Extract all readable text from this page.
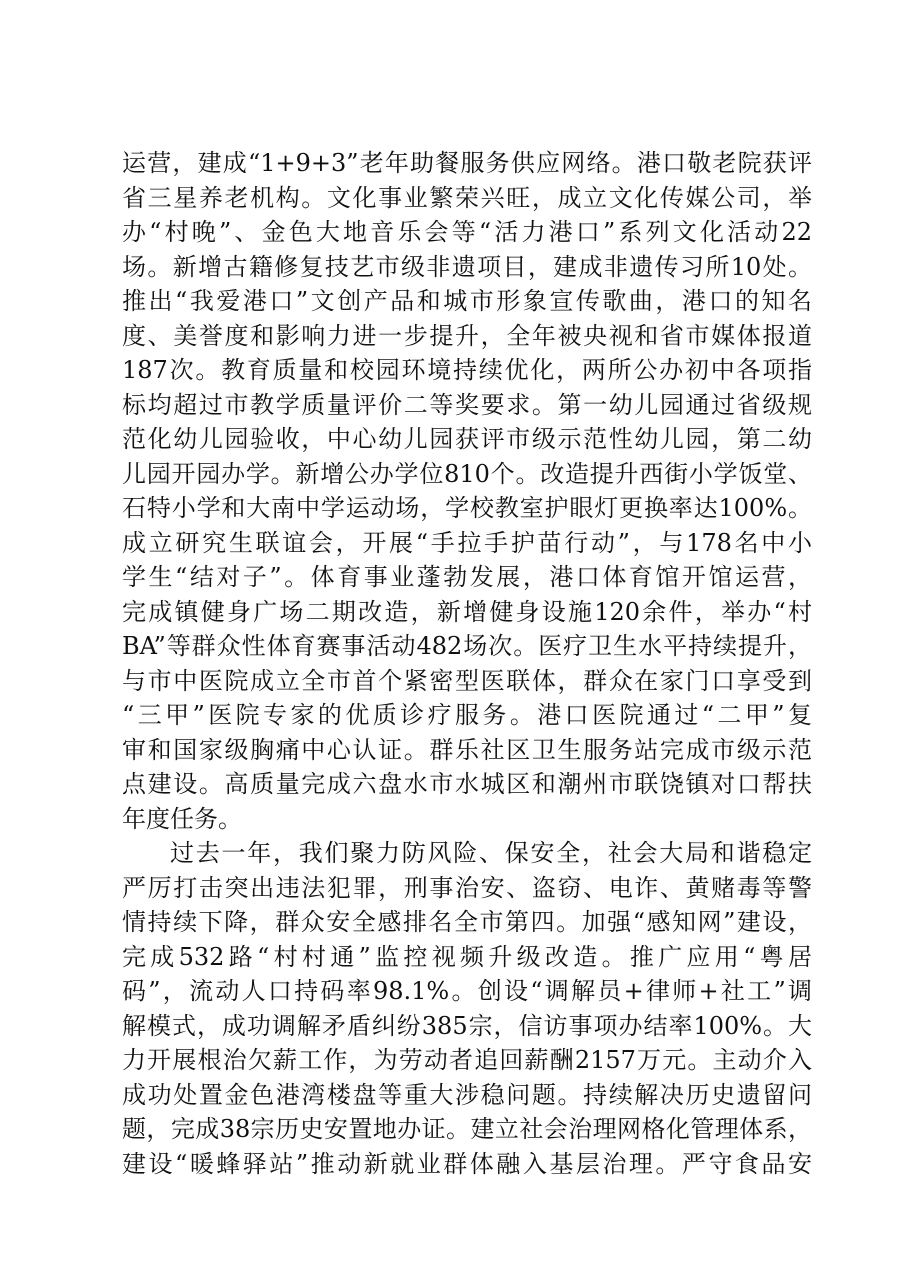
运营，建成“1+9+3”老年助餐服务供应网络。港口敬老院获评
省三星养老机构。文化事业繁荣兴旺，成立文化传媒公司，举
办“村晚”、金色大地音乐会等“活力港口”系列文化活动22
场。新增古籍修复技艺市级非遗项目，建成非遗传习所10处。
推出“我爱港口”文创产品和城市形象宣传歌曲，港口的知名
度、美誉度和影响力进一步提升，全年被央视和省市媒体报道
187次。教育质量和校园环境持续优化，两所公办初中各项指
标均超过市教学质量评价二等奖要求。第一幼儿园通过省级规
范化幼儿园验收，中心幼儿园获评市级示范性幼儿园，第二幼
儿园开园办学。新增公办学位810个。改造提升西街小学饭堂、
石特小学和大南中学运动场，学校教室护眼灯更换率达100%。
成立研究生联谊会，开展“手拉手护苗行动”，与178名中小
学生“结对子”。体育事业蓬勃发展，港口体育馆开馆运营，
完成镇健身广场二期改造，新增健身设施120余件，举办“村
BA”等群众性体育赛事活动482场次。医疗卫生水平持续提升，
与市中医院成立全市首个紧密型医联体，群众在家门口享受到
“三甲”医院专家的优质诊疗服务。港口医院通过“二甲”复
审和国家级胸痛中心认证。群乐社区卫生服务站完成市级示范
点建设。高质量完成六盘水市水城区和潮州市联饶镇对口帮扶
年度任务。
过去一年，我们聚力防风险、保安全，社会大局和谐稳定
严厉打击突出违法犯罪，刑事治安、盗窃、电诈、黄赌毒等警
情持续下降，群众安全感排名全市第四。加强“感知网”建设，
完成532路“村村通”监控视频升级改造。推广应用“粤居
码”，流动人口持码率98.1%。创设“调解员+律师+社工”调
解模式，成功调解矛盾纠纷385宗，信访事项办结率100%。大
力开展根治欠薪工作，为劳动者追回薪酬2157万元。主动介入
成功处置金色港湾楼盘等重大涉稳问题。持续解决历史遗留问
题，完成38宗历史安置地办证。建立社会治理网格化管理体系，
建设“暖蜂驿站”推动新就业群体融入基层治理。严守食品安
